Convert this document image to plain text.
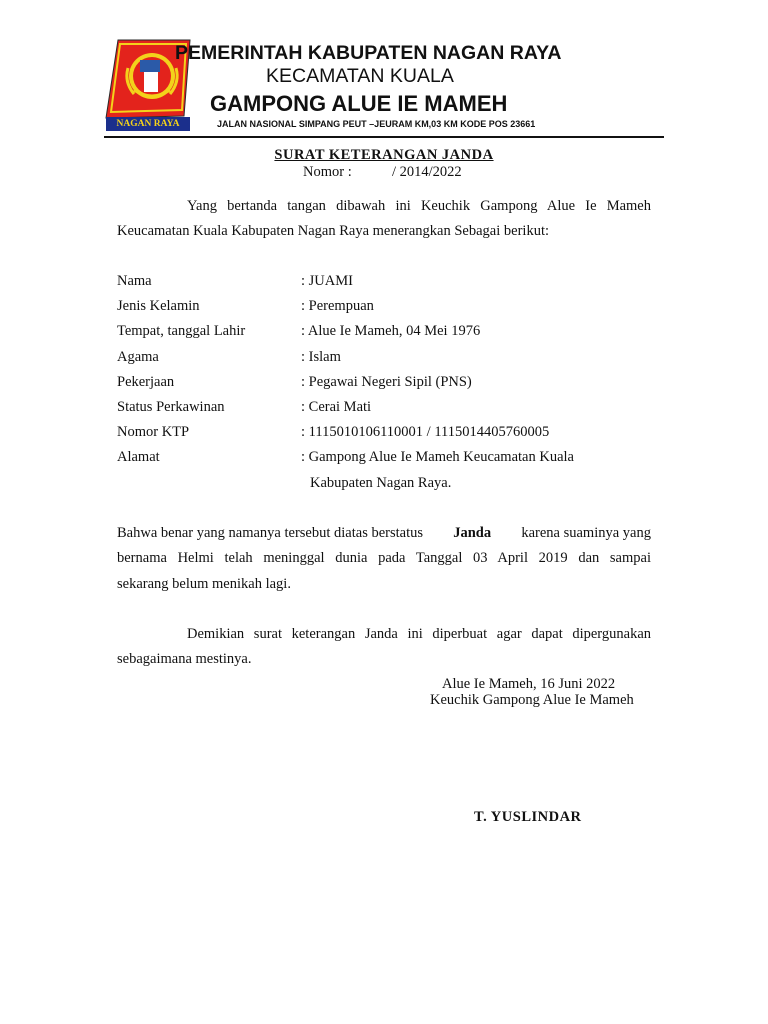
NAGAN RAYA
PEMERINTAH KABUPATEN NAGAN RAYA
KECAMATAN KUALA
GAMPONG ALUE IE MAMEH
JALAN NASIONAL SIMPANG PEUT –JEURAM KM,03 KM KODE POS 23661
SURAT KETERANGAN JANDA
Nomor :	/ 2014/2022
Yang bertanda tangan dibawah ini Keuchik Gampong Alue Ie Mameh
Keucamatan Kuala Kabupaten Nagan Raya menerangkan Sebagai berikut:
Nama	: JUAMI
Jenis Kelamin	: Perempuan
Tempat, tanggal Lahir	: Alue Ie Mameh, 04 Mei 1976
Agama	: Islam
Pekerjaan	: Pegawai Negeri Sipil (PNS)
Status Perkawinan	: Cerai Mati
Nomor KTP	: 1115010106110001 / 1115014405760005
Alamat	: Gampong Alue Ie Mameh Keucamatan Kuala
Kabupaten Nagan Raya.
Bahwa benar yang namanya tersebut diatas berstatus Janda karena suaminya yang
bernama Helmi telah meninggal dunia pada Tanggal 03 April 2019 dan sampai
sekarang belum menikah lagi.
Demikian surat keterangan Janda ini diperbuat agar dapat dipergunakan
sebagaimana mestinya.
Alue Ie Mameh, 16 Juni 2022
Keuchik Gampong Alue Ie Mameh
T. YUSLINDAR
